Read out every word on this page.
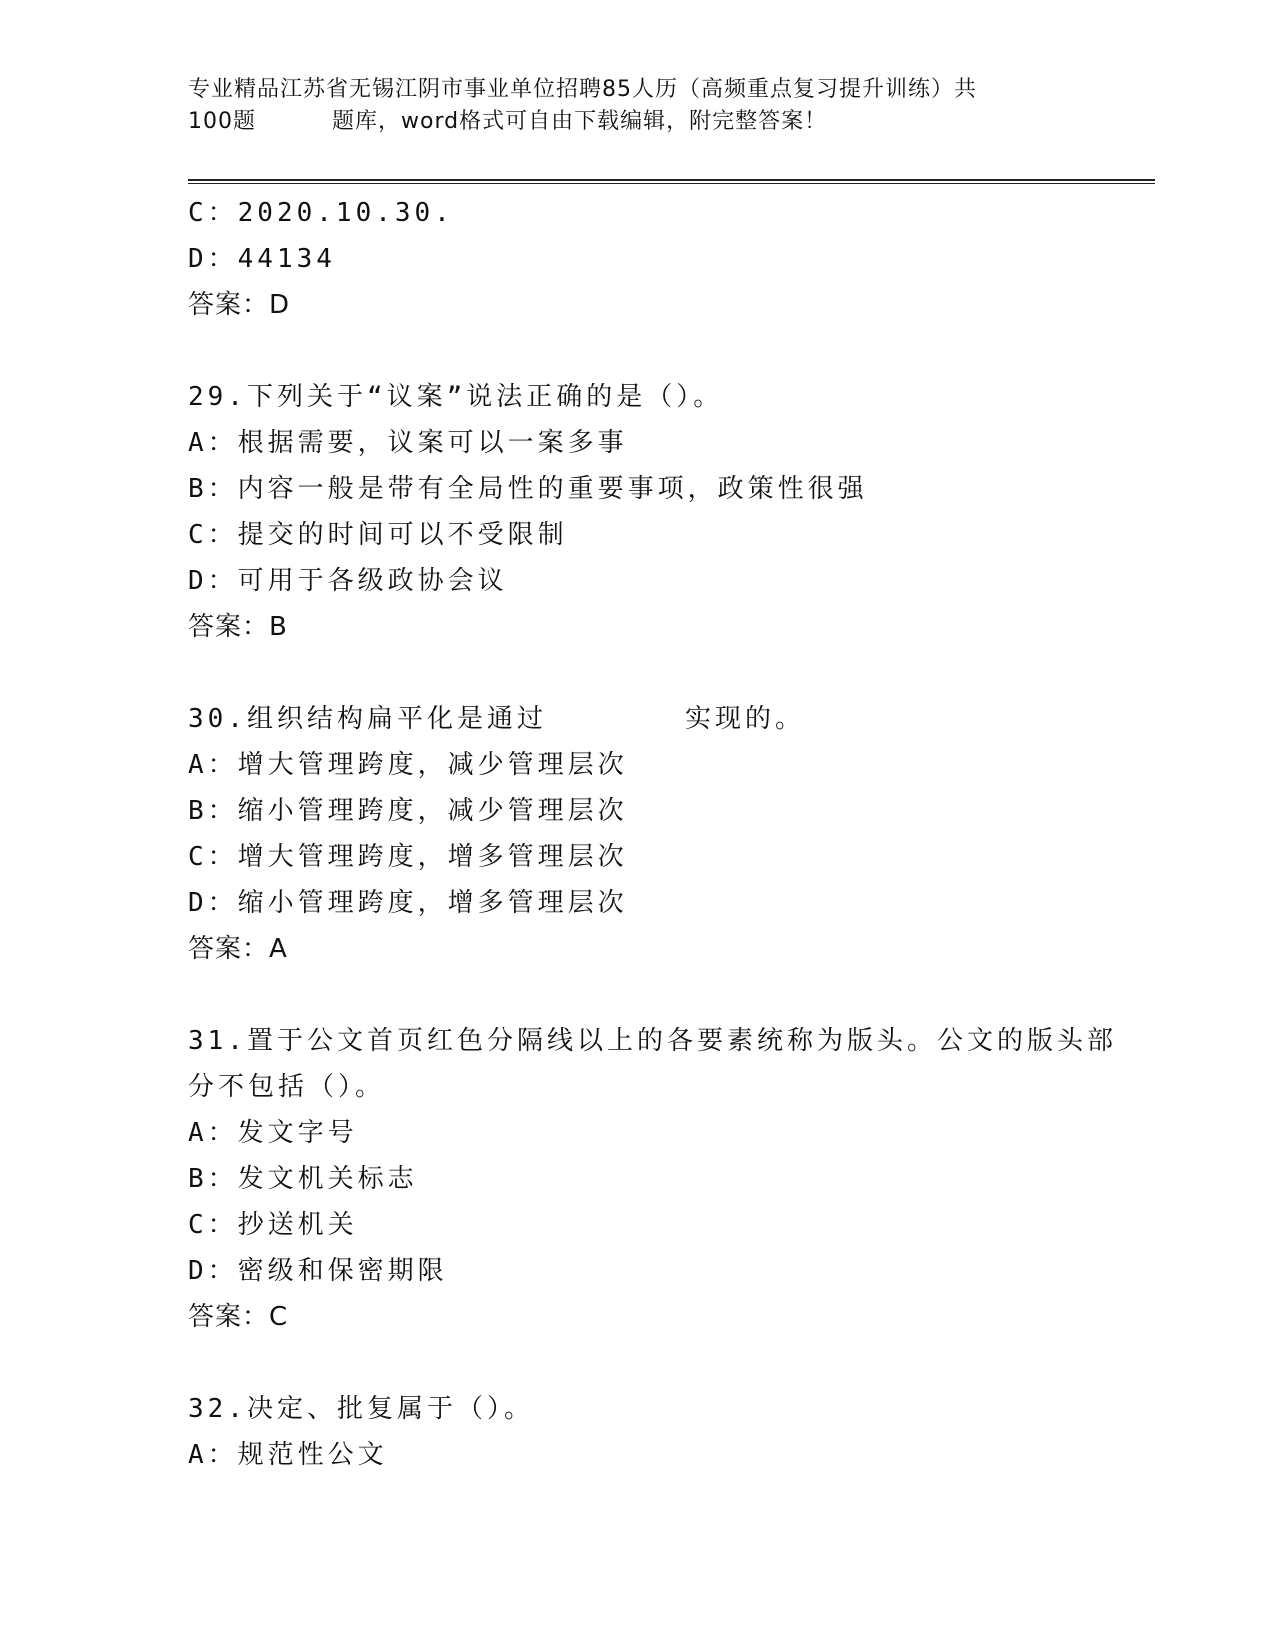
专业精品江苏省无锡江阴市事业单位招聘85人历（高频重点复习提升训练）共
100题	题库，word格式可自由下载编辑，附完整答案！
C：2020.10.30.
D：44134
答案：D
29.下列关于“议案”说法正确的是（）。
A：根据需要，议案可以一案多事
B：内容一般是带有全局性的重要事项，政策性很强
C：提交的时间可以不受限制
D：可用于各级政协会议
答案：B
30.组织结构扁平化是通过	实现的。
A：增大管理跨度，减少管理层次
B：缩小管理跨度，减少管理层次
C：增大管理跨度，增多管理层次
D：缩小管理跨度，增多管理层次
答案：A
31.置于公文首页红色分隔线以上的各要素统称为版头。公文的版头部
分不包括（）。
A：发文字号
B：发文机关标志
C：抄送机关
D：密级和保密期限
答案：C
32.决定、批复属于（）。
A：规范性公文
